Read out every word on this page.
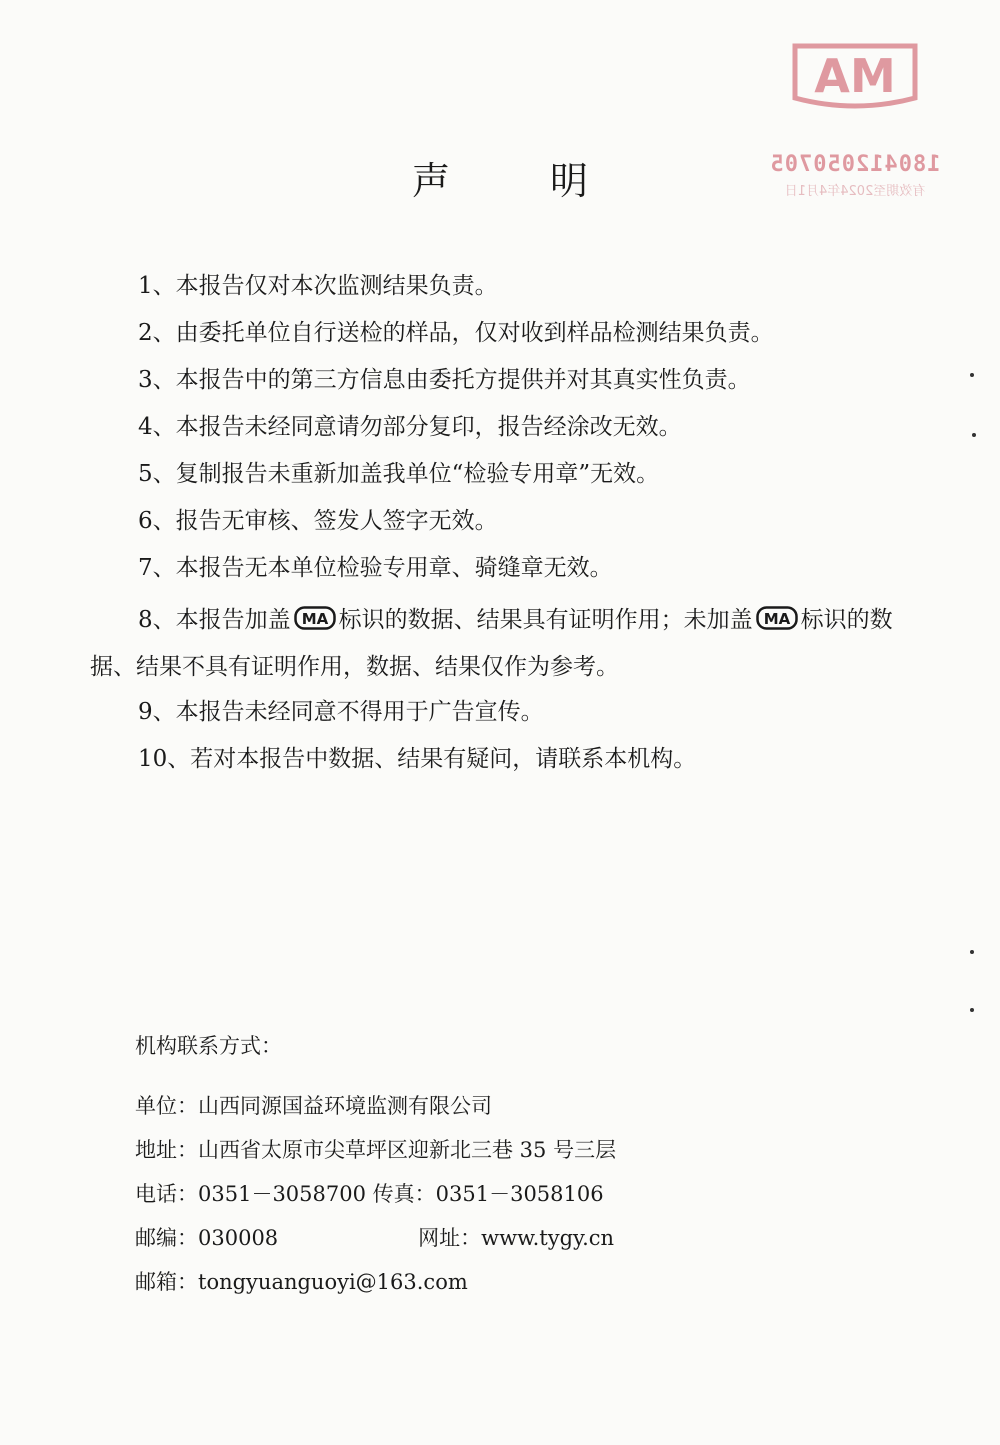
MA
180412050705
有效期至2024年4月1日
声明
1、本报告仅对本次监测结果负责。
2、由委托单位自行送检的样品，仅对收到样品检测结果负责。
3、本报告中的第三方信息由委托方提供并对其真实性负责。
4、本报告未经同意请勿部分复印，报告经涂改无效。
5、复制报告未重新加盖我单位“检验专用章”无效。
6、报告无审核、签发人签字无效。
7、本报告无本单位检验专用章、骑缝章无效。
8、本报告加盖 MA 标识的数据、结果具有证明作用；未加盖 MA 标识的数据、结果不具有证明作用，数据、结果仅作为参考。
9、本报告未经同意不得用于广告宣传。
10、若对本报告中数据、结果有疑问，请联系本机构。
机构联系方式：
单位：山西同源国益环境监测有限公司
地址：山西省太原市尖草坪区迎新北三巷 35 号三层
电话：0351－3058700 传真：0351－3058106
邮编：030008	网址：www.tygy.cn
邮箱：tongyuanguoyi@163.com
